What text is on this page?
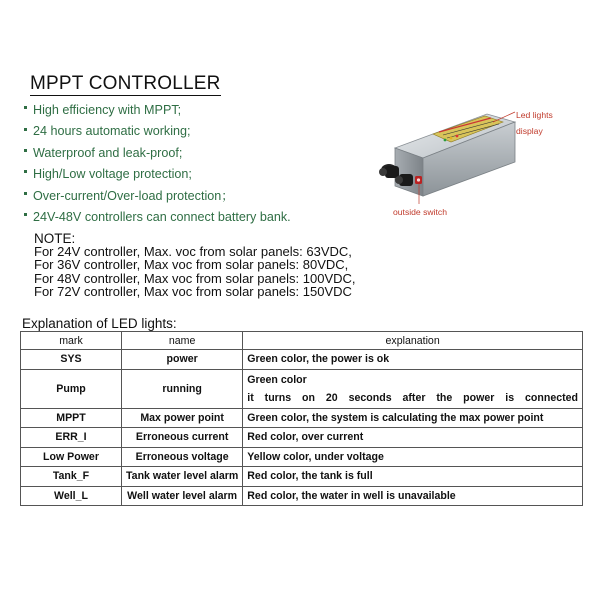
MPPT CONTROLLER
High efficiency with MPPT;
24 hours automatic working;
Waterproof and leak-proof;
High/Low voltage protection;
Over-current/Over-load protection；
24V-48V controllers can connect battery bank.
Led lights
display
outside switch
NOTE:
For 24V controller, Max. voc from solar panels: 63VDC,
For 36V controller, Max voc from solar panels: 80VDC,
For 48V controller, Max voc from solar panels: 100VDC,
For 72V controller, Max voc from solar panels: 150VDC
Explanation of LED lights:
mark	name	explanation
SYS	power	Green color, the power is ok
Pump	running	Green color
it turns on 20 seconds after the power is connected

MPPT	Max power point	Green color, the system is calculating the max power point
ERR_I	Erroneous current	Red color, over current
Low Power	Erroneous voltage	Yellow color, under voltage
Tank_F	Tank water level alarm	Red color, the tank is full
Well_L	Well water level alarm	Red color, the water in well is unavailable
